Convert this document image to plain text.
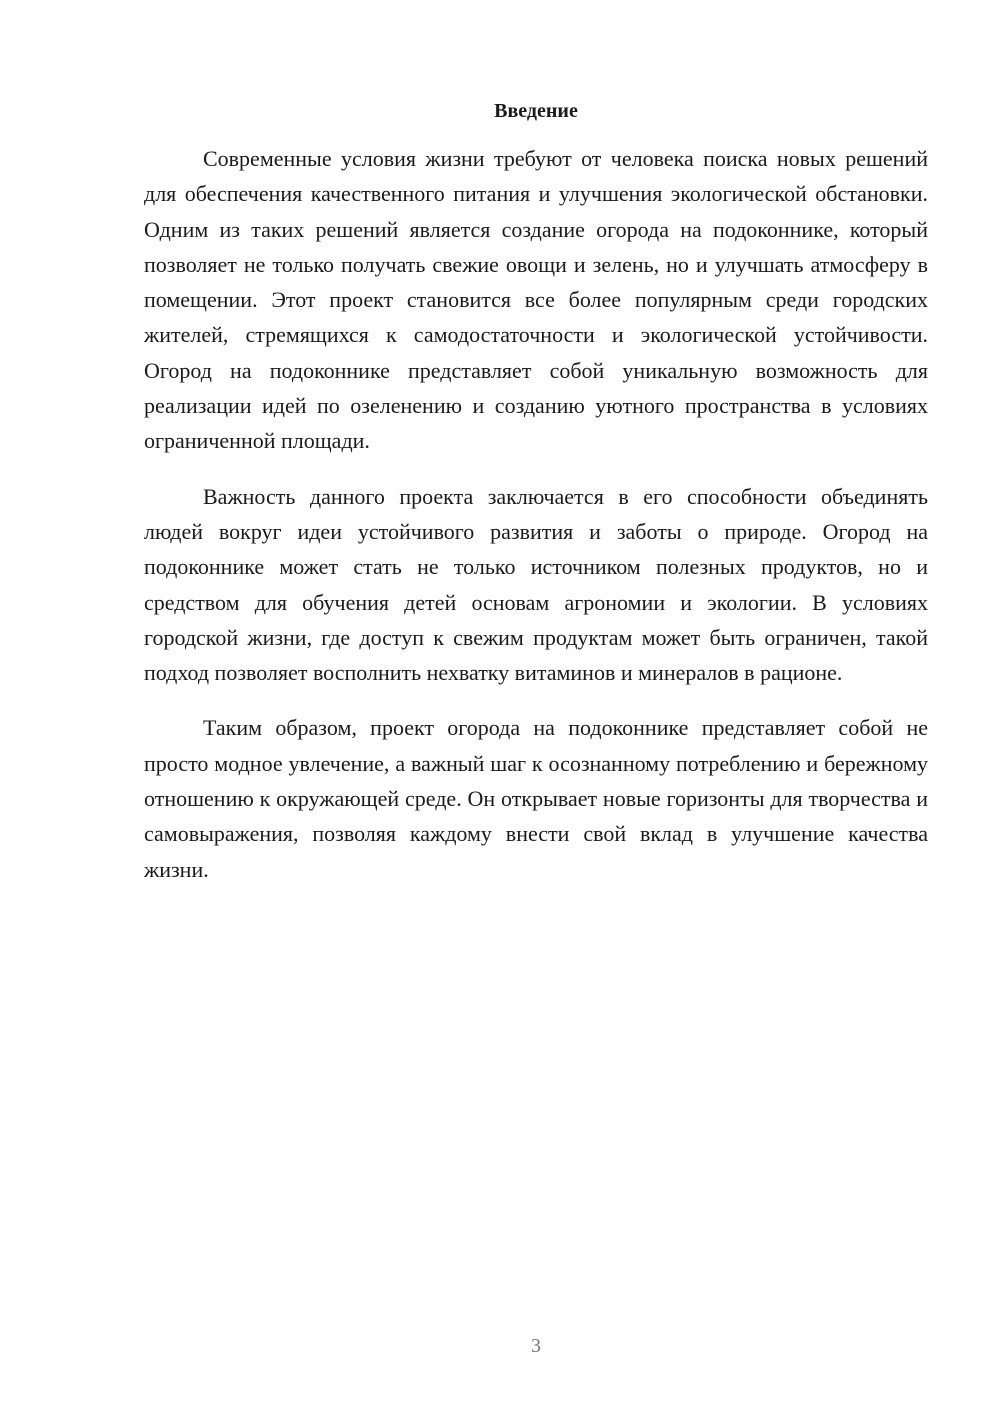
Введение

Современные условия жизни требуют от человека поиска новых решений для обеспечения качественного питания и улучшения экологической обстановки. Одним из таких решений является создание огорода на подоконнике, который позволяет не только получать свежие овощи и зелень, но и улучшать атмосферу в помещении. Этот проект становится все более популярным среди городских жителей, стремящихся к самодостаточности и экологической устойчивости. Огород на подоконнике представляет собой уникальную возможность для реализации идей по озеленению и созданию уютного пространства в условиях ограниченной площади.

Важность данного проекта заключается в его способности объединять людей вокруг идеи устойчивого развития и заботы о природе. Огород на подоконнике может стать не только источником полезных продуктов, но и средством для обучения детей основам агрономии и экологии. В условиях городской жизни, где доступ к свежим продуктам может быть ограничен, такой подход позволяет восполнить нехватку витаминов и минералов в рационе.

Таким образом, проект огорода на подоконнике представляет собой не просто модное увлечение, а важный шаг к осознанному потреблению и бережному отношению к окружающей среде. Он открывает новые горизонты для творчества и самовыражения, позволяя каждому внести свой вклад в улучшение качества жизни.

3
